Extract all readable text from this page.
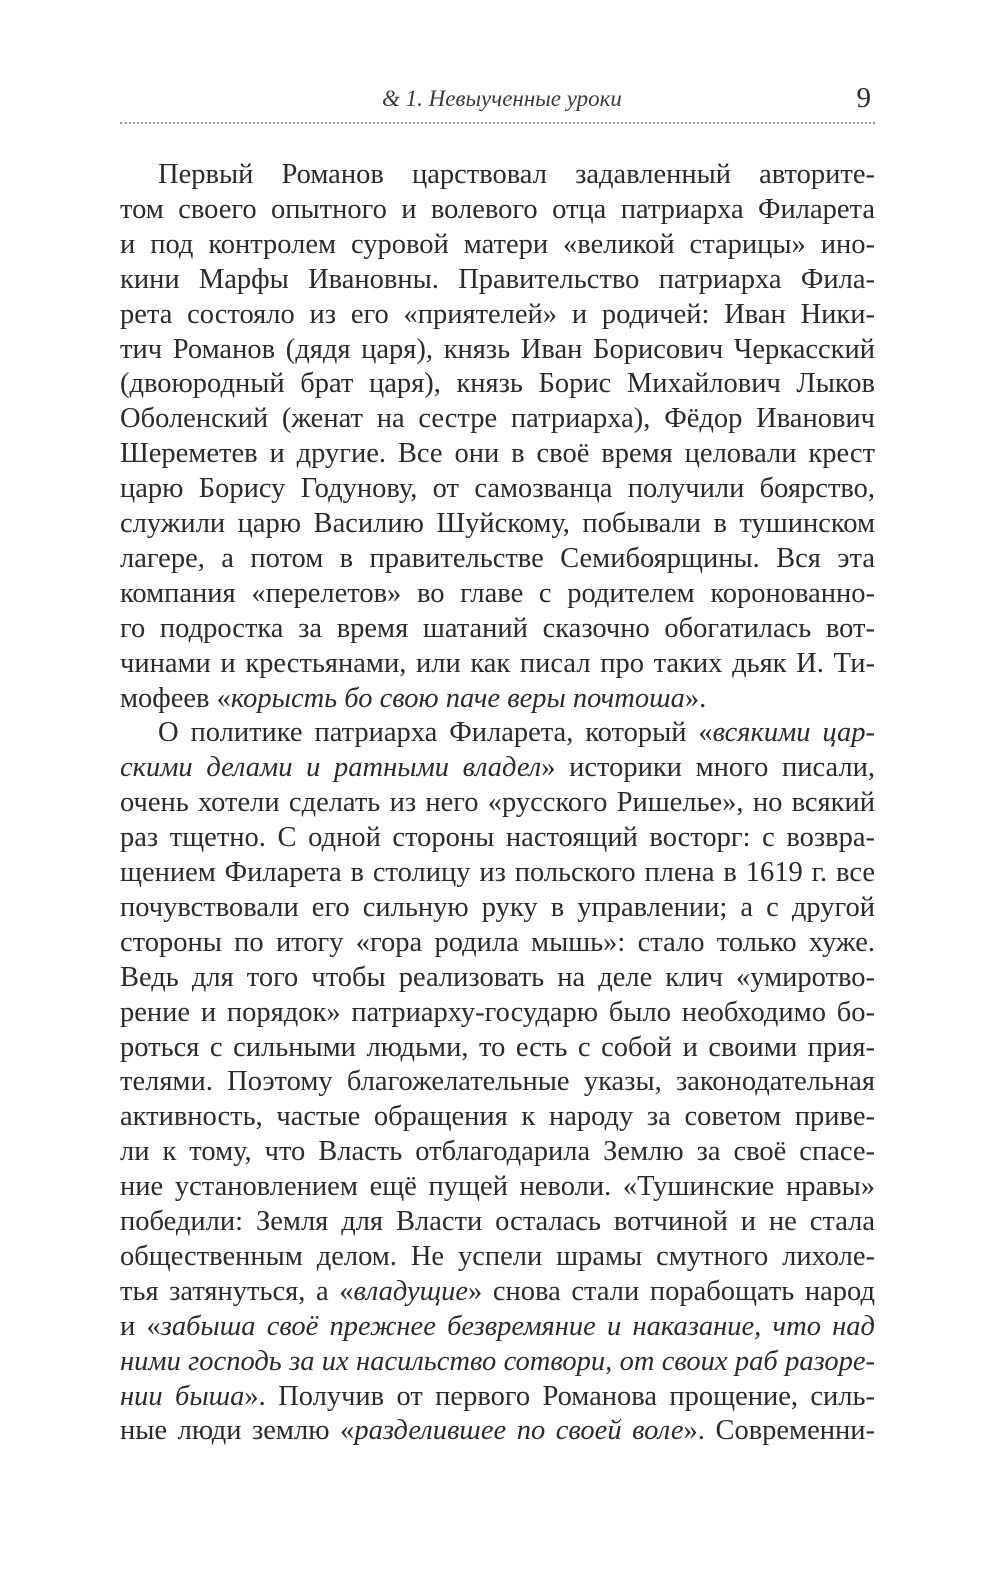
& 1. Невыученные уроки	9
Первый Романов царствовал задавленный авторите-
том своего опытного и волевого отца патриарха Филарета
и под контролем суровой матери «великой старицы» ино-
кини Марфы Ивановны. Правительство патриарха Фила-
рета состояло из его «приятелей» и родичей: Иван Ники-
тич Романов (дядя царя), князь Иван Борисович Черкасский
(двоюродный брат царя), князь Борис Михайлович Лыков
Оболенский (женат на сестре патриарха), Фёдор Иванович
Шереметев и другие. Все они в своё время целовали крест
царю Борису Годунову, от самозванца получили боярство,
служили царю Василию Шуйскому, побывали в тушинском
лагере, а потом в правительстве Семибоярщины. Вся эта
компания «перелетов» во главе с родителем коронованно-
го подростка за время шатаний сказочно обогатилась вот-
чинами и крестьянами, или как писал про таких дьяк И. Ти-
мофеев «корысть бо свою паче веры почтоша».
О политике патриарха Филарета, который «всякими цар-
скими делами и ратными владел» историки много писали,
очень хотели сделать из него «русского Ришелье», но всякий
раз тщетно. С одной стороны настоящий восторг: с возвра-
щением Филарета в столицу из польского плена в 1619 г. все
почувствовали его сильную руку в управлении; а с другой
стороны по итогу «гора родила мышь»: стало только хуже.
Ведь для того чтобы реализовать на деле клич «умиротво-
рение и порядок» патриарху-государю было необходимо бо-
роться с сильными людьми, то есть с собой и своими прия-
телями. Поэтому благожелательные указы, законодательная
активность, частые обращения к народу за советом приве-
ли к тому, что Власть отблагодарила Землю за своё спасе-
ние установлением ещё пущей неволи. «Тушинские нравы»
победили: Земля для Власти осталась вотчиной и не стала
общественным делом. Не успели шрамы смутного лихоле-
тья затянуться, а «владущие» снова стали порабощать народ
и «забыша своё прежнее безвремяние и наказание, что над
ними господь за их насильство сотвори, от своих раб разоре-
нии быша». Получив от первого Романова прощение, силь-
ные люди землю «разделившее по своей воле». Современни-
